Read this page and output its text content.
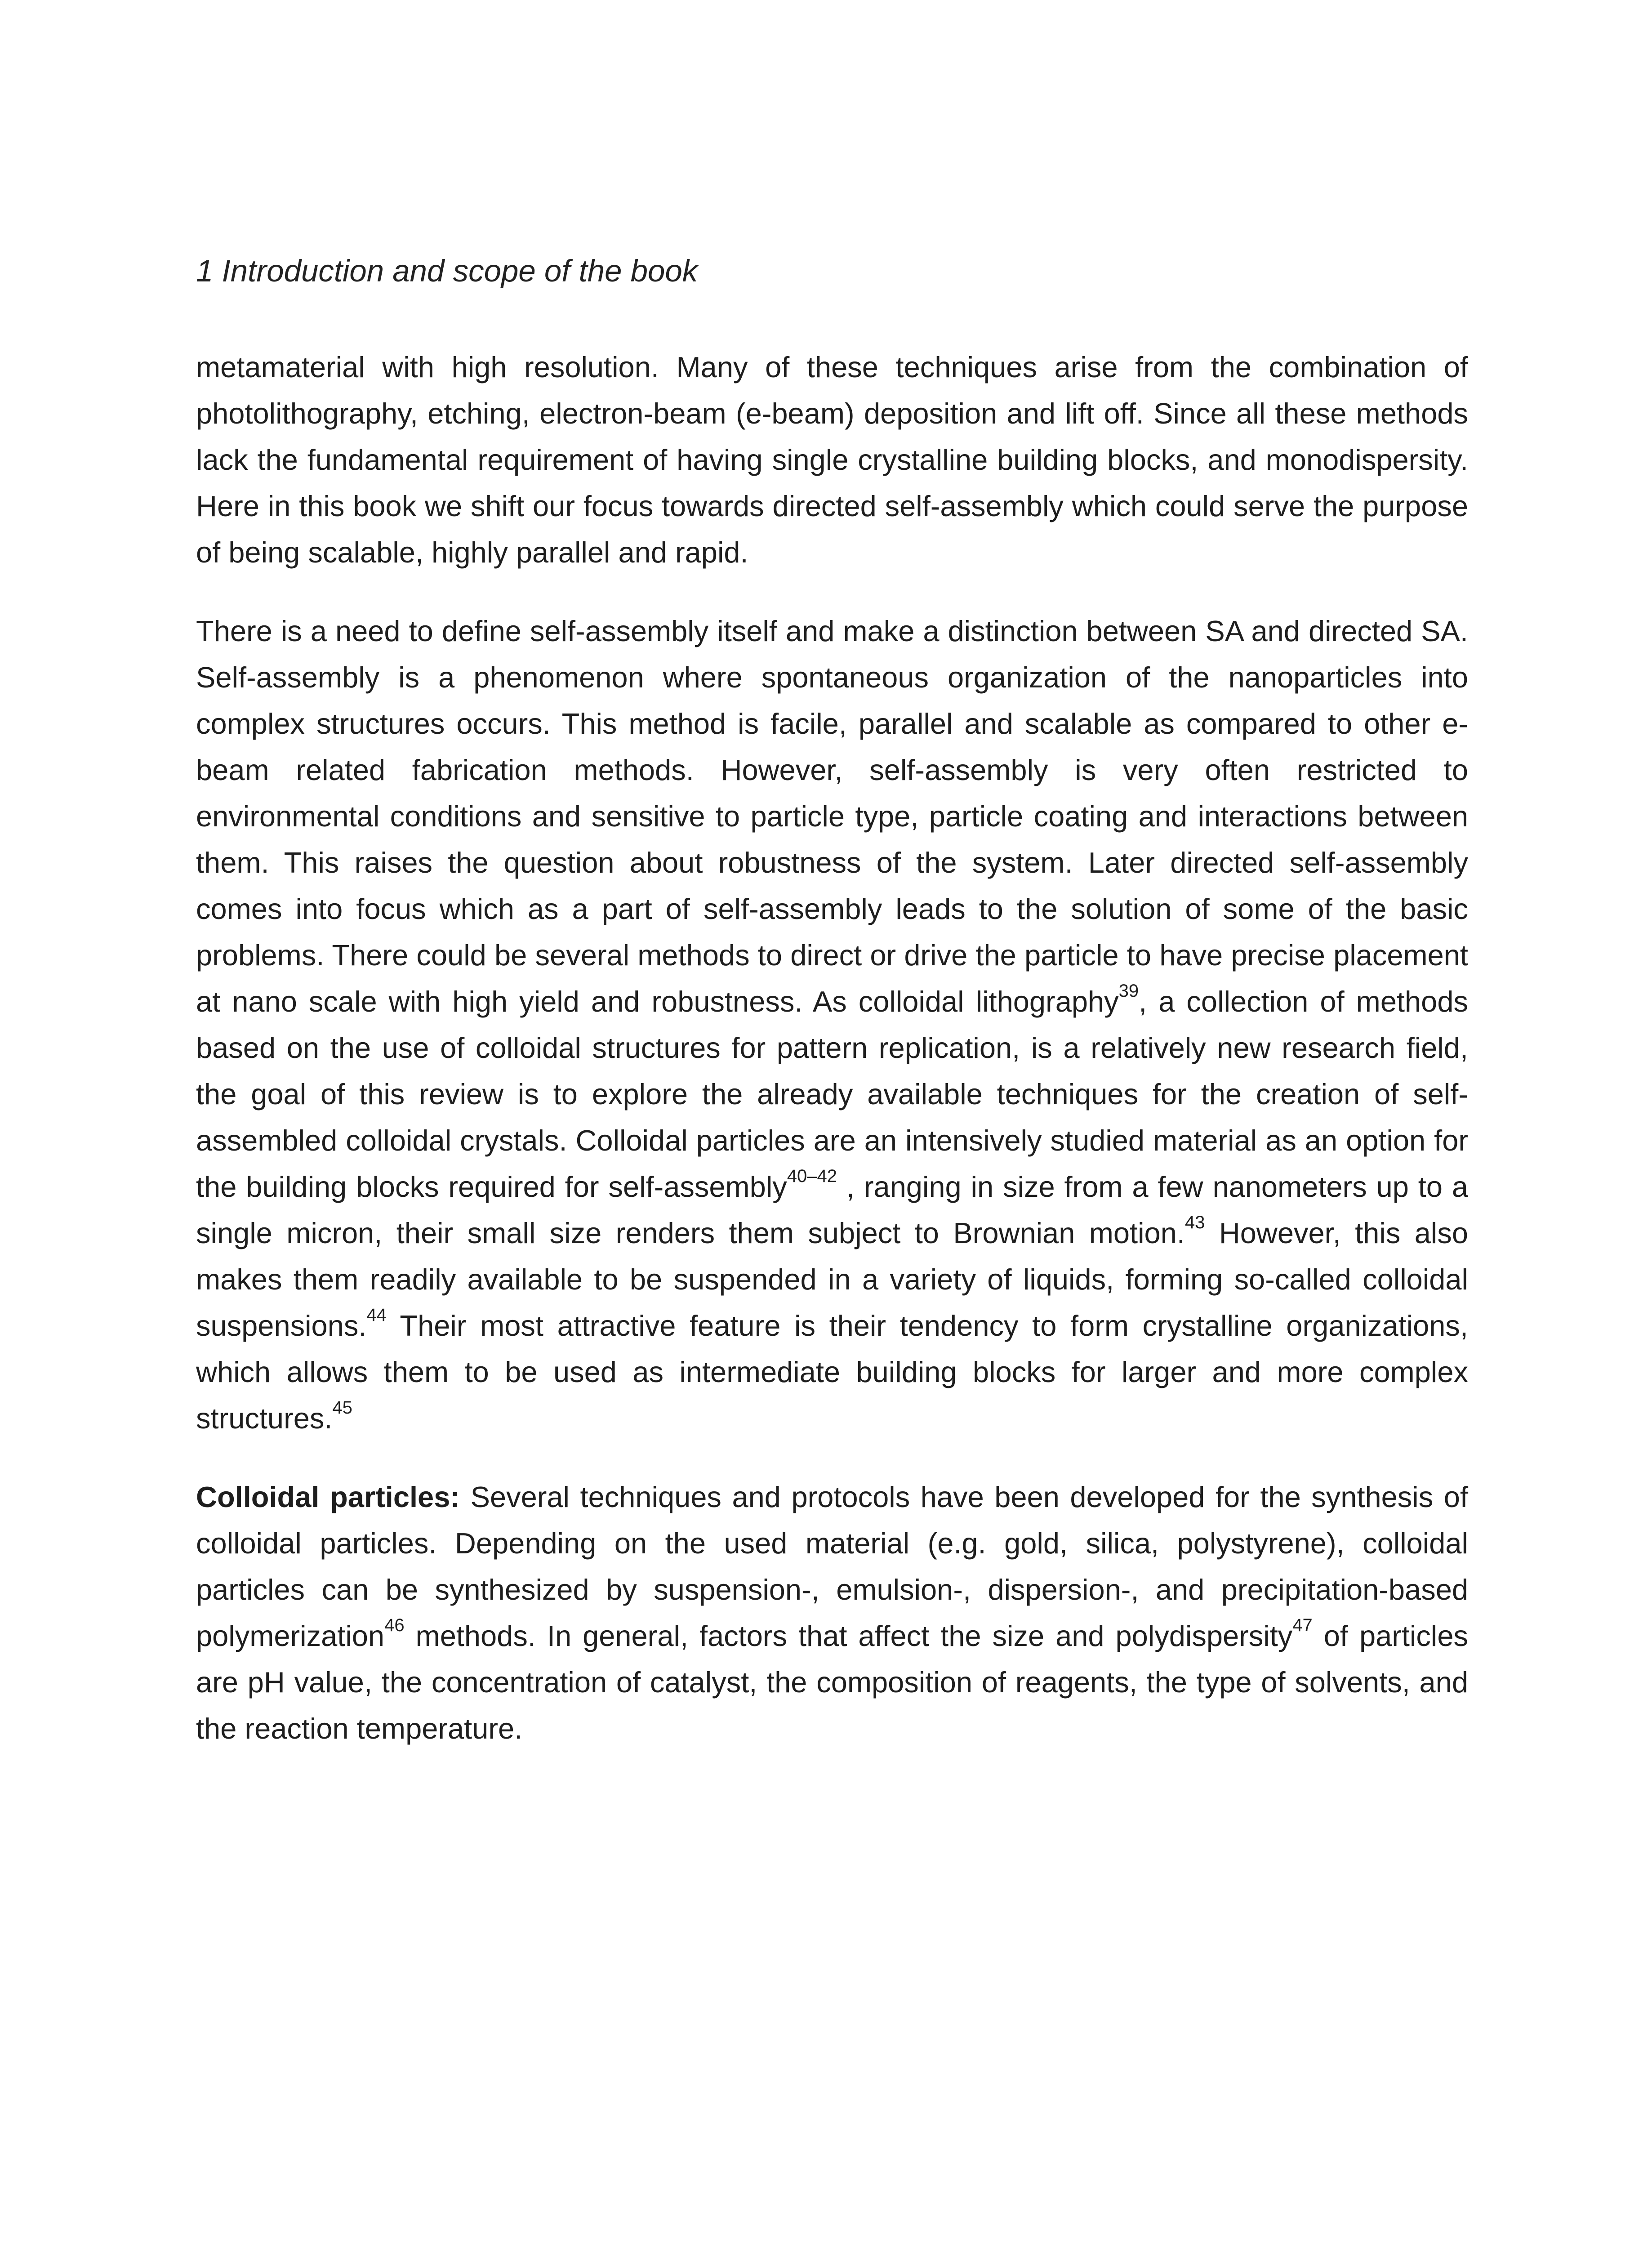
1 Introduction and scope of the book

metamaterial with high resolution. Many of these techniques arise from the combination of photolithography, etching, electron-beam (e-beam) deposition and lift off. Since all these methods lack the fundamental requirement of having single crystalline building blocks, and monodispersity. Here in this book we shift our focus towards directed self-assembly which could serve the purpose of being scalable, highly parallel and rapid.

There is a need to define self-assembly itself and make a distinction between SA and directed SA. Self-assembly is a phenomenon where spontaneous organization of the nanoparticles into complex structures occurs. This method is facile, parallel and scalable as compared to other e-beam related fabrication methods. However, self-assembly is very often restricted to environmental conditions and sensitive to particle type, particle coating and interactions between them. This raises the question about robustness of the system. Later directed self-assembly comes into focus which as a part of self-assembly leads to the solution of some of the basic problems. There could be several methods to direct or drive the particle to have precise placement at nano scale with high yield and robustness. As colloidal lithography$^{39}$, a collection of methods based on the use of colloidal structures for pattern replication, is a relatively new research field, the goal of this review is to explore the already available techniques for the creation of self-assembled colloidal crystals. Colloidal particles are an intensively studied material as an option for the building blocks required for self-assembly$^{40-42}$ , ranging in size from a few nanometers up to a single micron, their small size renders them subject to Brownian motion.$^{43}$ However, this also makes them readily available to be suspended in a variety of liquids, forming so-called colloidal suspensions.$^{44}$ Their most attractive feature is their tendency to form crystalline organizations, which allows them to be used as intermediate building blocks for larger and more complex structures.$^{45}$

Colloidal particles: Several techniques and protocols have been developed for the synthesis of colloidal particles. Depending on the used material (e.g. gold, silica, polystyrene), colloidal particles can be synthesized by suspension-, emulsion-, dispersion-, and precipitation-based polymerization$^{46}$ methods. In general, factors that affect the size and polydispersity$^{47}$ of particles are pH value, the concentration of catalyst, the composition of reagents, the type of solvents, and the reaction temperature.
